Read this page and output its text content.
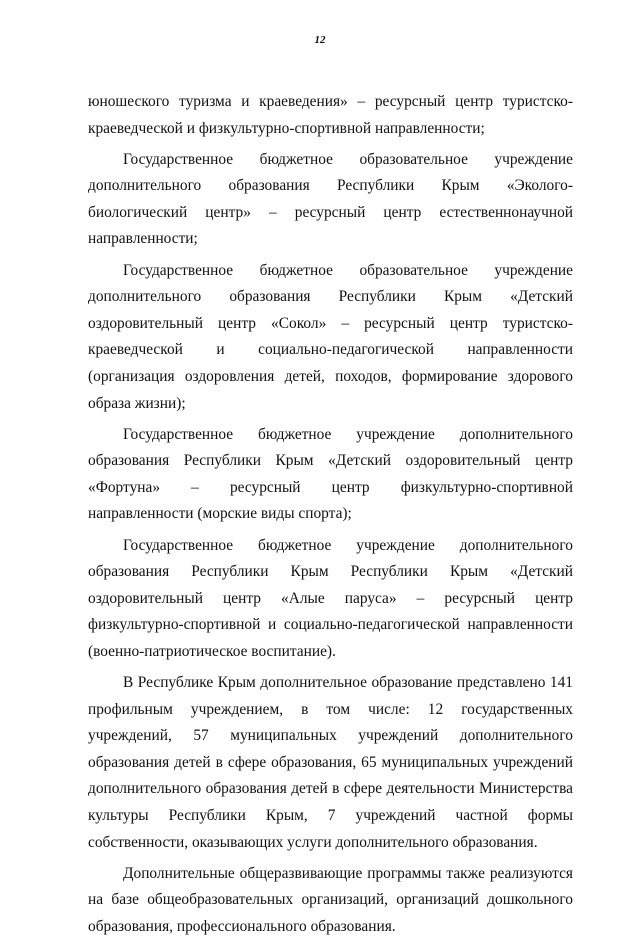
12

юношеского туризма и краеведения» – ресурсный центр туристско-краеведческой и физкультурно-спортивной направленности;

Государственное бюджетное образовательное учреждение дополнительного образования Республики Крым «Эколого-биологический центр» – ресурсный центр естественнонаучной направленности;

Государственное бюджетное образовательное учреждение дополнительного образования Республики Крым «Детский оздоровительный центр «Сокол» – ресурсный центр туристско-краеведческой и социально-педагогической направленности (организация оздоровления детей, походов, формирование здорового образа жизни);

Государственное бюджетное учреждение дополнительного образования Республики Крым «Детский оздоровительный центр «Фортуна» – ресурсный центр физкультурно-спортивной направленности (морские виды спорта);

Государственное бюджетное учреждение дополнительного образования Республики Крым Республики Крым «Детский оздоровительный центр «Алые паруса» – ресурсный центр физкультурно-спортивной и социально-педагогической направленности (военно-патриотическое воспитание).

В Республике Крым дополнительное образование представлено 141 профильным учреждением, в том числе: 12 государственных учреждений, 57 муниципальных учреждений дополнительного образования детей в сфере образования, 65 муниципальных учреждений дополнительного образования детей в сфере деятельности Министерства культуры Республики Крым, 7 учреждений частной формы собственности, оказывающих услуги дополнительного образования.

Дополнительные общеразвивающие программы также реализуются на базе общеобразовательных организаций, организаций дошкольного образования, профессионального образования.
